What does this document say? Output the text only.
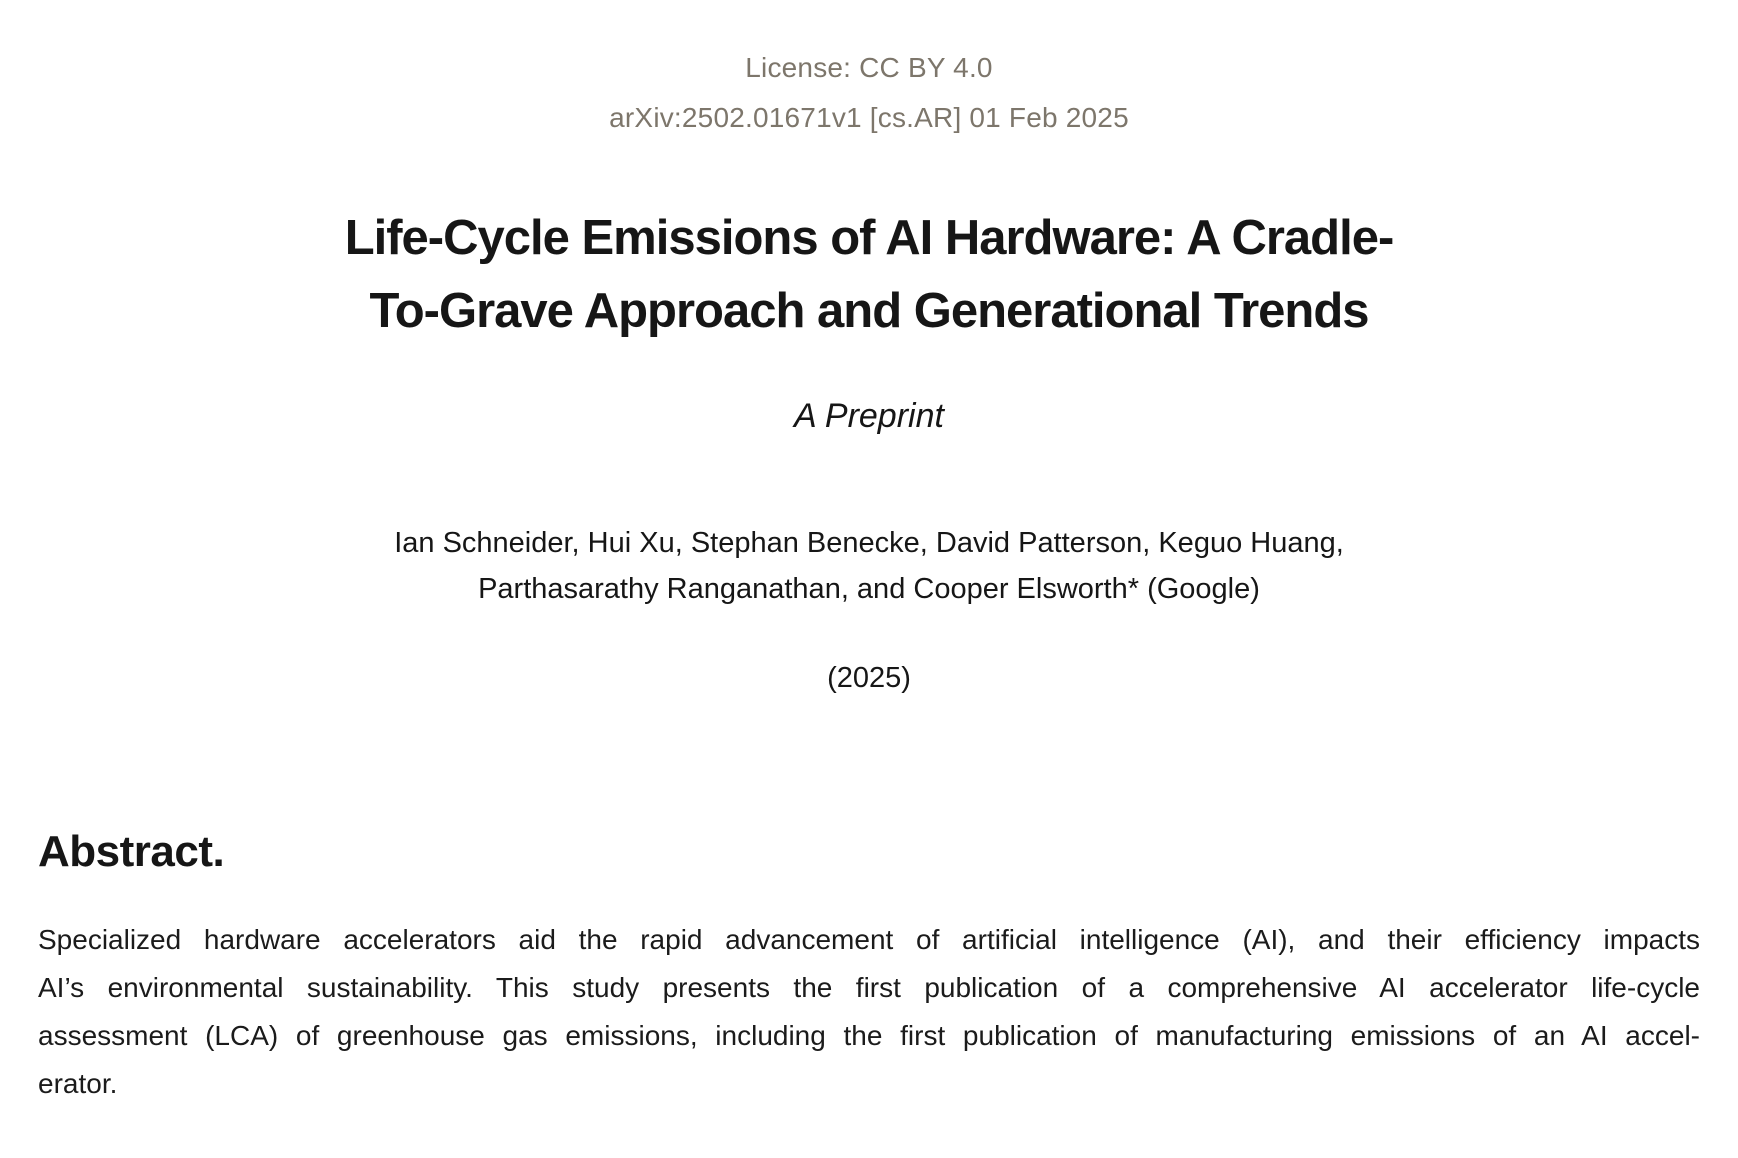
License: CC BY 4.0
arXiv:2502.01671v1 [cs.AR] 01 Feb 2025
Life-Cycle Emissions of AI Hardware: A Cradle-
To-Grave Approach and Generational Trends
A Preprint
Ian Schneider, Hui Xu, Stephan Benecke, David Patterson, Keguo Huang,
Parthasarathy Ranganathan, and Cooper Elsworth* (Google)
(2025)
Abstract.
Specialized hardware accelerators aid the rapid advancement of artificial intelligence (AI), and their efficiency impacts
AI’s environmental sustainability. This study presents the first publication of a comprehensive AI accelerator life-cycle
assessment (LCA) of greenhouse gas emissions, including the first publication of manufacturing emissions of an AI accel-
erator.
